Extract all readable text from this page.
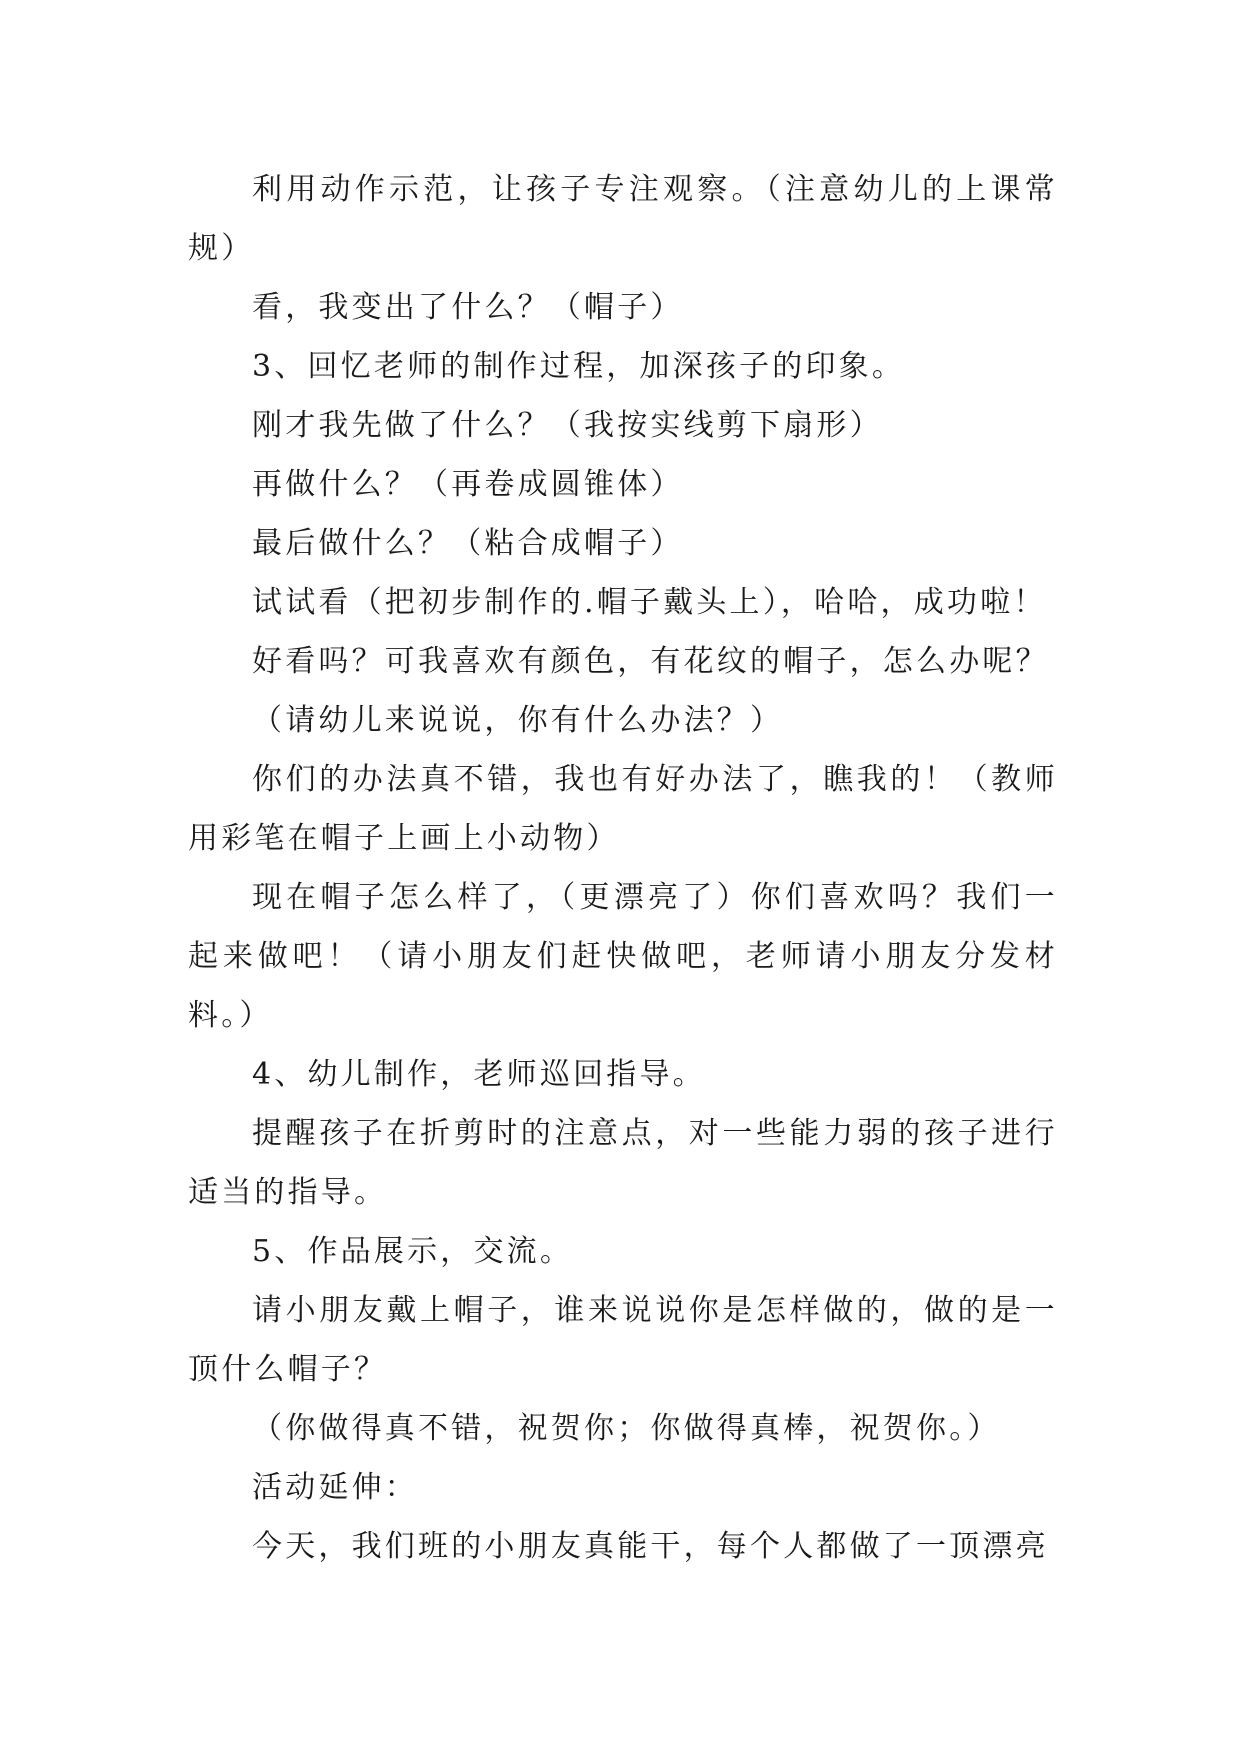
利用动作示范，让孩子专注观察。（注意幼儿的上课常规）

看，我变出了什么？（帽子）

3、回忆老师的制作过程，加深孩子的印象。

刚才我先做了什么？（我按实线剪下扇形）

再做什么？（再卷成圆锥体）

最后做什么？（粘合成帽子）

试试看（把初步制作的.帽子戴头上），哈哈，成功啦！

好看吗？可我喜欢有颜色，有花纹的帽子，怎么办呢？

（请幼儿来说说，你有什么办法？）

你们的办法真不错，我也有好办法了，瞧我的！（教师用彩笔在帽子上画上小动物）

现在帽子怎么样了，（更漂亮了）你们喜欢吗？我们一起来做吧！（请小朋友们赶快做吧，老师请小朋友分发材料。）

4、幼儿制作，老师巡回指导。

提醒孩子在折剪时的注意点，对一些能力弱的孩子进行适当的指导。

5、作品展示，交流。

请小朋友戴上帽子，谁来说说你是怎样做的，做的是一顶什么帽子？

（你做得真不错，祝贺你；你做得真棒，祝贺你。）

活动延伸：

今天，我们班的小朋友真能干，每个人都做了一顶漂亮
